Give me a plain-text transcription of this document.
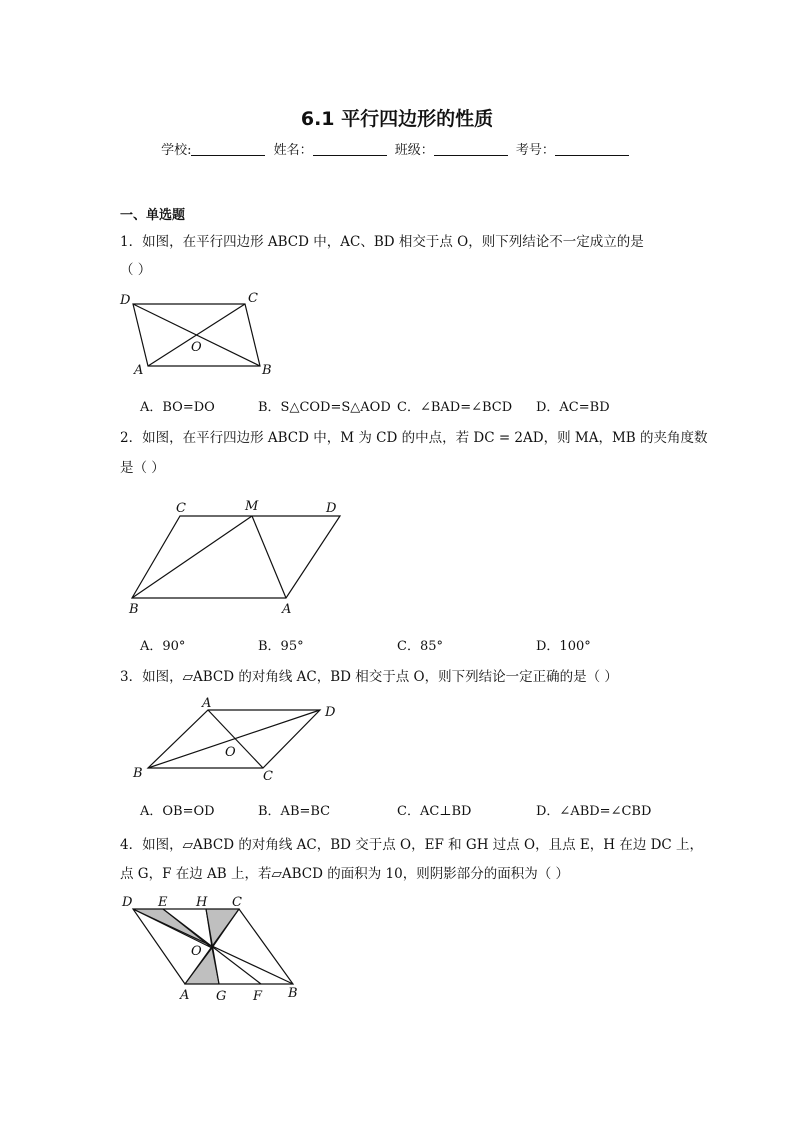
6.1 平行四边形的性质
学校:	姓名：	班级：	考号：
一、单选题
1．如图，在平行四边形 ABCD 中，AC、BD 相交于点 O，则下列结论不一定成立的是
（ ）
D	C
O
A	B
A．BO=DO	B．S△COD=S△AOD C．∠BAD=∠BCD D．AC=BD
2．如图，在平行四边形 ABCD 中，M 为 CD 的中点，若 DC = 2AD，则 MA，MB 的夹角度数
是（ ）
C	M	D
B	A
A．90°	B．95°	C．85°	D．100°
3．如图，▱ABCD 的对角线 AC，BD 相交于点 O，则下列结论一定正确的是（ ）
A
D
O
B	C
A．OB=OD	B．AB=BC	C．AC⊥BD	D．∠ABD=∠CBD
4．如图，▱ABCD 的对角线 AC，BD 交于点 O，EF 和 GH 过点 O，且点 E，H 在边 DC 上，
点 G，F 在边 AB 上，若▱ABCD 的面积为 10，则阴影部分的面积为（ ）
D E H C
O
A G F B
